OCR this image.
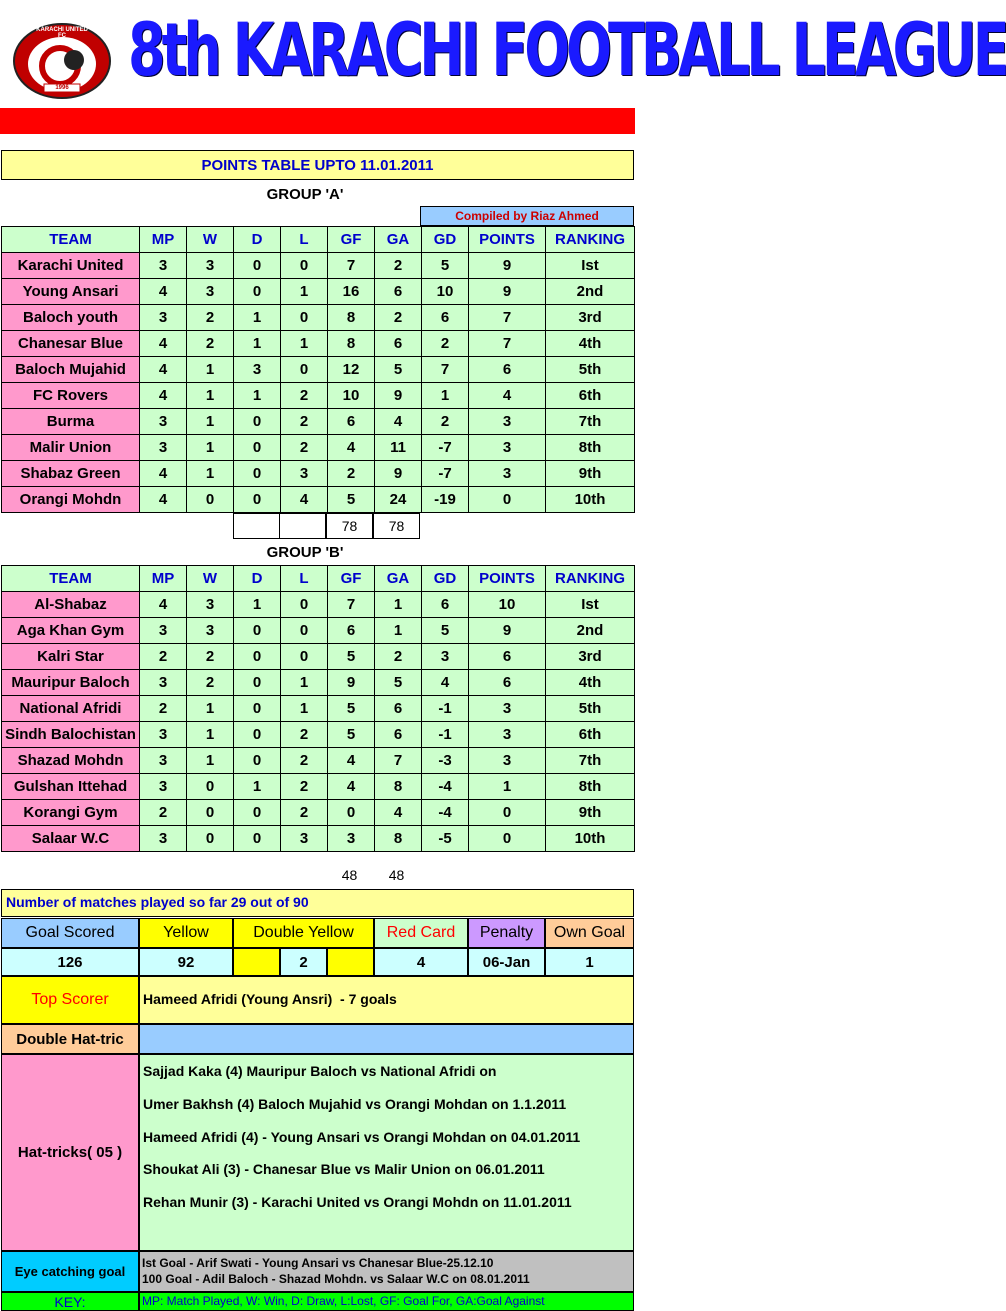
KARACHI UNITED FC
1996 8th KARACHI FOOTBALL LEAGUE
POINTS TABLE UPTO 11.01.2011
GROUP 'A'
Compiled by Riaz Ahmed
TEAM	MP	W	D	L	GF	GA	GD	POINTS	RANKING
Karachi United	3	3	0	0	7	2	5	9	Ist
Young Ansari	4	3	0	1	16	6	10	9	2nd
Baloch youth	3	2	1	0	8	2	6	7	3rd
Chanesar Blue	4	2	1	1	8	6	2	7	4th
Baloch Mujahid	4	1	3	0	12	5	7	6	5th
FC Rovers	4	1	1	2	10	9	1	4	6th
Burma	3	1	0	2	6	4	2	3	7th
Malir Union	3	1	0	2	4	11	-7	3	8th
Shabaz Green	4	1	0	3	2	9	-7	3	9th
Orangi Mohdn	4	0	0	4	5	24	-19	0	10th
78	78
GROUP 'B'
TEAM	MP	W	D	L	GF	GA	GD	POINTS	RANKING
Al-Shabaz	4	3	1	0	7	1	6	10	Ist
Aga Khan Gym	3	3	0	0	6	1	5	9	2nd
Kalri Star	2	2	0	0	5	2	3	6	3rd
Mauripur Baloch	3	2	0	1	9	5	4	6	4th
National Afridi	2	1	0	1	5	6	-1	3	5th
Sindh Balochistan	3	1	0	2	5	6	-1	3	6th
Shazad Mohdn	3	1	0	2	4	7	-3	3	7th
Gulshan Ittehad	3	0	1	2	4	8	-4	1	8th
Korangi Gym	2	0	0	2	0	4	-4	0	9th
Salaar W.C	3	0	0	3	3	8	-5	0	10th
48	48
Number of matches played so far 29 out of 90
Goal Scored	Yellow	Double Yellow	Red Card	Penalty	Own Goal
126	92	2	4	06-Jan	1
Top Scorer	Hameed Afridi (Young Ansri)  - 7 goals
Double Hat-tric
Hat-tricks( 05 )
Sajjad Kaka (4) Mauripur Baloch vs National Afridi on
Umer Bakhsh (4) Baloch Mujahid vs Orangi Mohdan on 1.1.2011
Hameed Afridi (4) - Young Ansari vs Orangi Mohdan on 04.01.2011
Shoukat Ali (3) - Chanesar Blue vs Malir Union on 06.01.2011
Rehan Munir (3) - Karachi United vs Orangi Mohdn on 11.01.2011
Eye catching goal
Ist Goal - Arif Swati - Young Ansari vs Chanesar Blue-25.12.10
100 Goal - Adil Baloch - Shazad Mohdn. vs Salaar W.C on 08.01.2011
KEY:	MP: Match Played, W: Win, D: Draw, L:Lost, GF: Goal For, GA:Goal Against
